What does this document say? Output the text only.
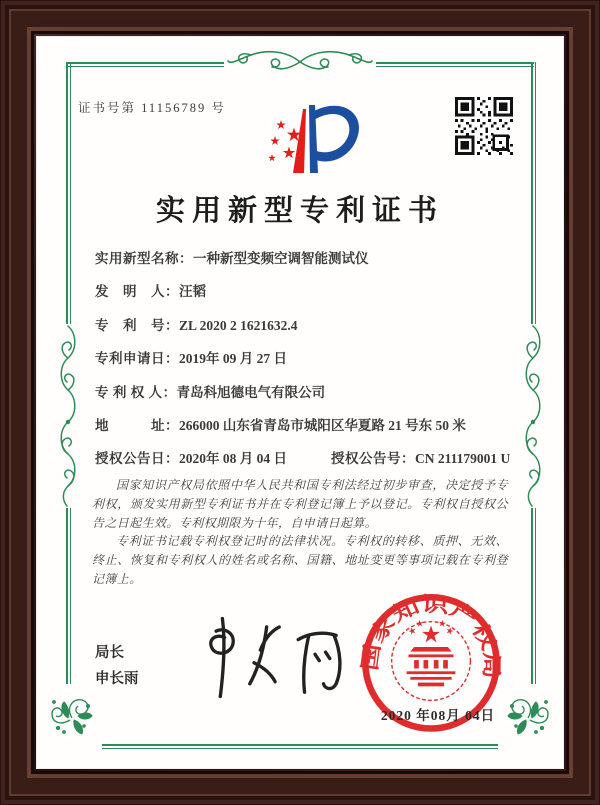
证书号第 11156789 号
实用新型专利证书
实用新型名称：一种新型变频空调智能测试仪
发　明　人：汪韬
专　利　号：ZL 2020 2 1621632.4
专利申请日：2019年 09 月 27 日
专 利 权 人：青岛科旭德电气有限公司
地　　　址：266000 山东省青岛市城阳区华夏路 21 号东 50 米
授权公告日：2020年 08 月 04 日	授权公告号：CN 211179001 U

国家知识产权局依照中华人民共和国专利法经过初步审查，决定授予专利权，颁发实用新型专利证书并在专利登记簿上予以登记。专利权自授权公告之日起生效。专利权期限为十年，自申请日起算。

专利证书记载专利权登记时的法律状况。专利权的转移、质押、无效、终止、恢复和专利权人的姓名或名称、国籍、地址变更等事项记载在专利登记簿上。

局长
申长雨
国家知识产权局
2020 年08月 04日
